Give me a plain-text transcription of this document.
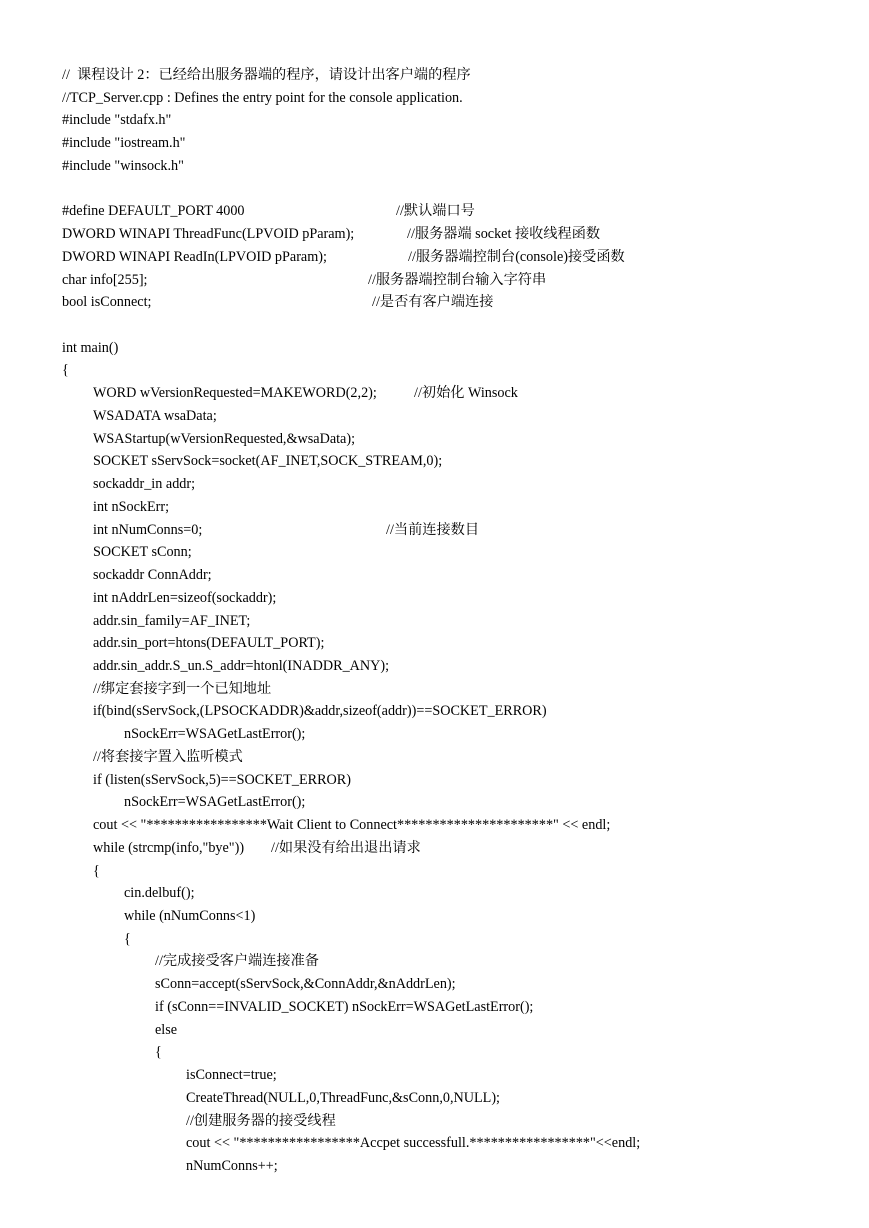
//  课程设计 2：已经给出服务器端的程序，请设计出客户端的程序
//TCP_Server.cpp : Defines the entry point for the console application.
#include "stdafx.h"
#include "iostream.h"
#include "winsock.h"
#define DEFAULT_PORT 4000	//默认端口号
DWORD WINAPI ThreadFunc(LPVOID pParam);	//服务器端 socket 接收线程函数
DWORD WINAPI ReadIn(LPVOID pParam);	//服务器端控制台(console)接受函数
char info[255];	//服务器端控制台输入字符串
bool isConnect;	//是否有客户端连接
int main()
{
WORD wVersionRequested=MAKEWORD(2,2);	//初始化 Winsock
WSADATA wsaData;
WSAStartup(wVersionRequested,&wsaData);
SOCKET sServSock=socket(AF_INET,SOCK_STREAM,0);
sockaddr_in addr;
int nSockErr;
int nNumConns=0;	//当前连接数目
SOCKET sConn;
sockaddr ConnAddr;
int nAddrLen=sizeof(sockaddr);
addr.sin_family=AF_INET;
addr.sin_port=htons(DEFAULT_PORT);
addr.sin_addr.S_un.S_addr=htonl(INADDR_ANY);
//绑定套接字到一个已知地址
if(bind(sServSock,(LPSOCKADDR)&addr,sizeof(addr))==SOCKET_ERROR)
nSockErr=WSAGetLastError();
//将套接字置入监听模式
if (listen(sServSock,5)==SOCKET_ERROR)
nSockErr=WSAGetLastError();
cout << "*****************Wait Client to Connect**********************" << endl;
while (strcmp(info,"bye")) //如果没有给出退出请求
{
cin.delbuf();
while (nNumConns<1)
{
//完成接受客户端连接准备
sConn=accept(sServSock,&ConnAddr,&nAddrLen);
if (sConn==INVALID_SOCKET) nSockErr=WSAGetLastError();
else
{
isConnect=true;
CreateThread(NULL,0,ThreadFunc,&sConn,0,NULL);
//创建服务器的接受线程
cout << "*****************Accpet successfull.*****************"<<endl;
nNumConns++;
